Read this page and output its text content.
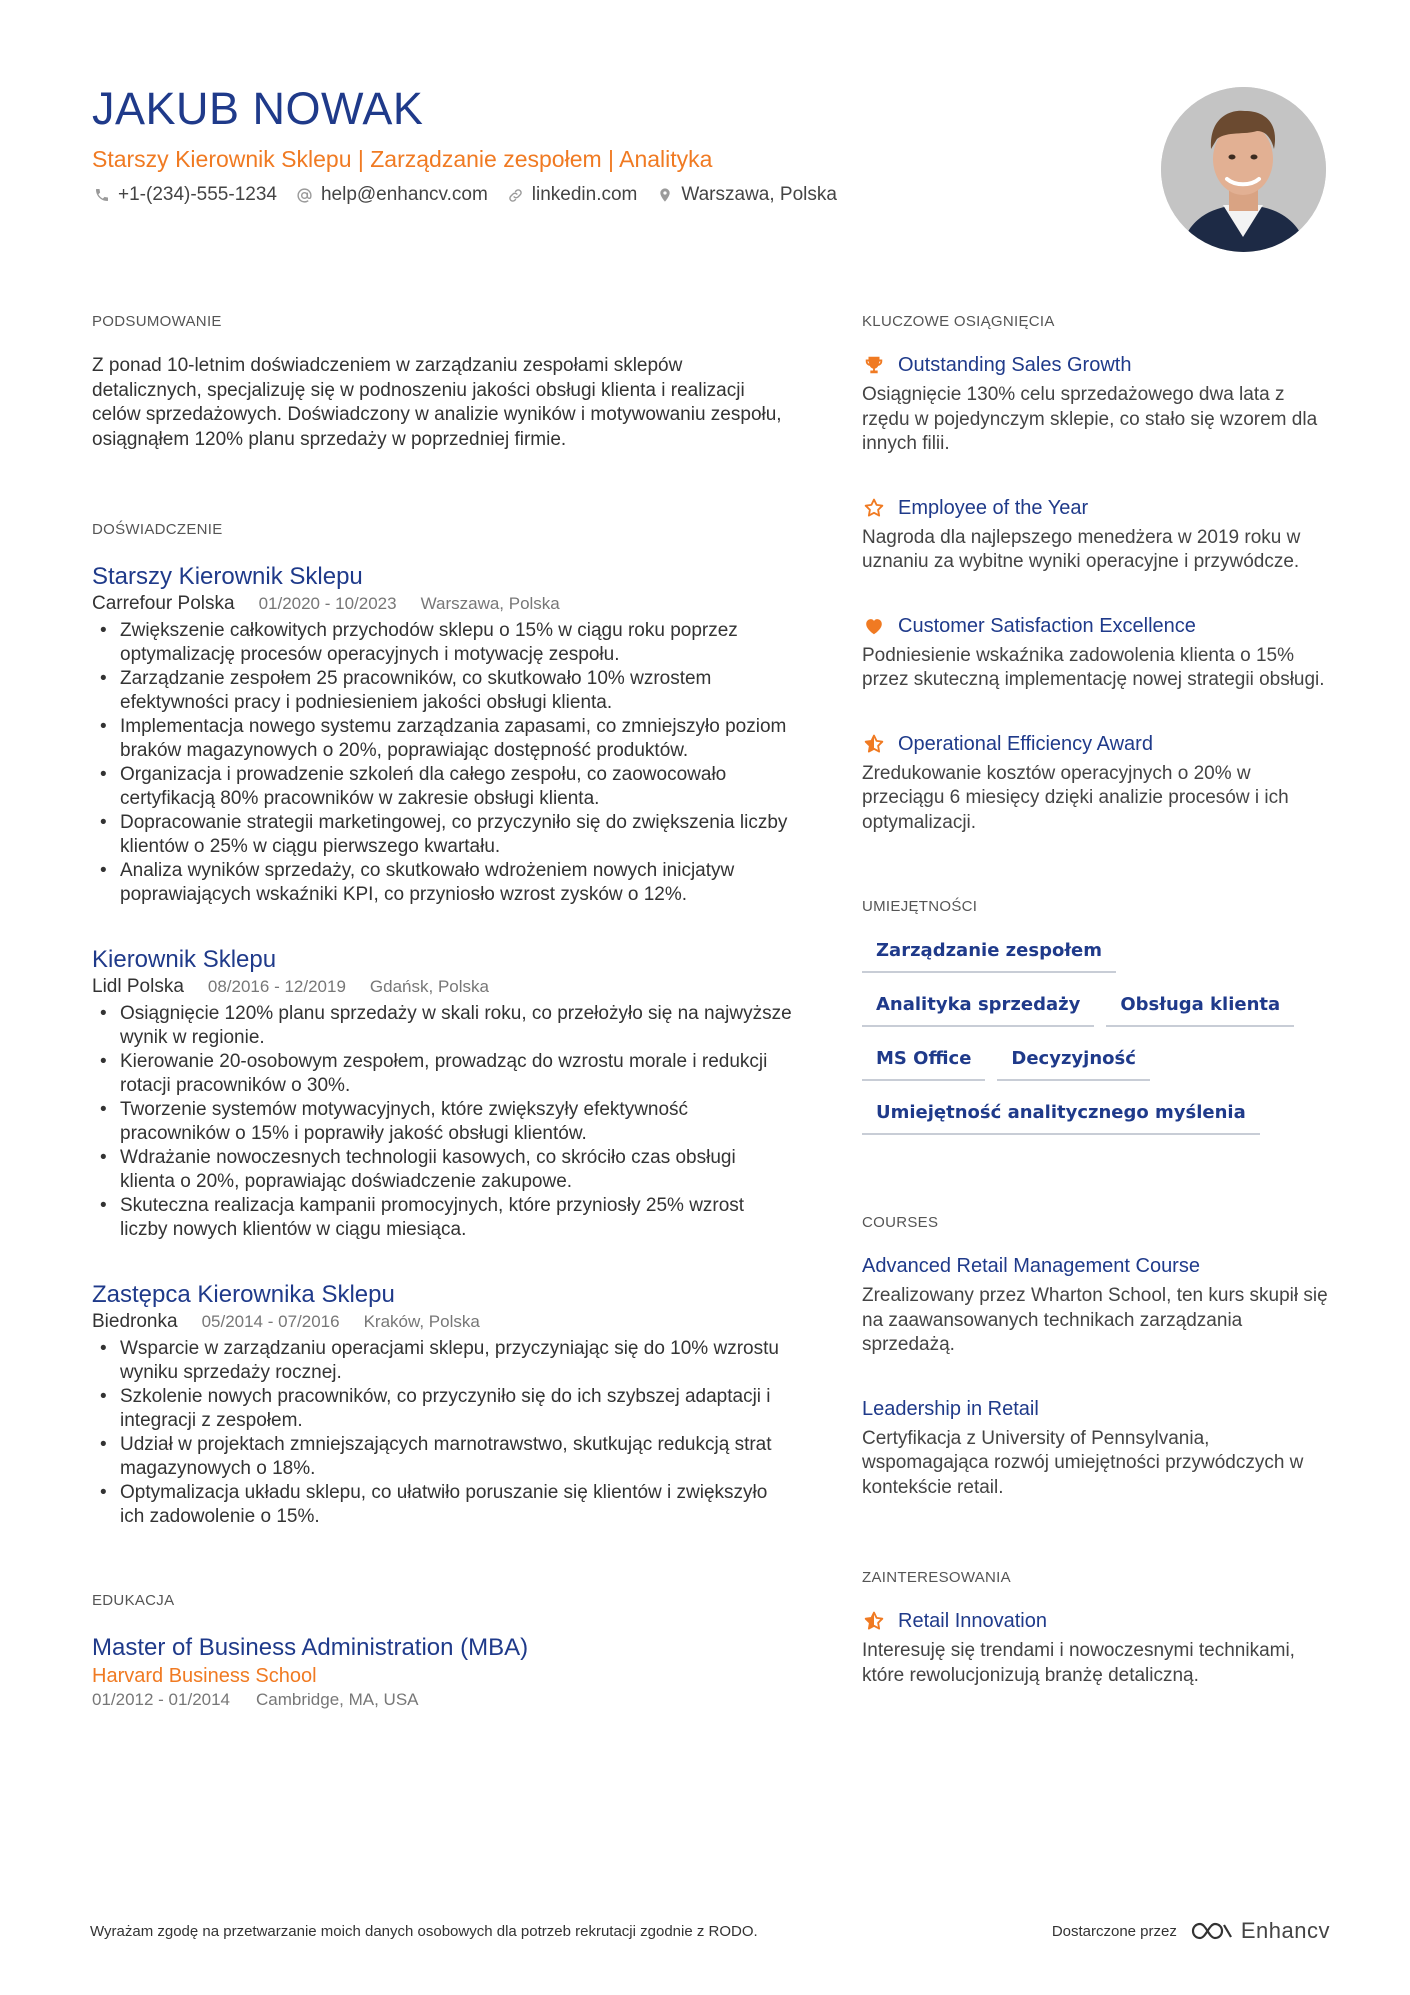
JAKUB NOWAK
Starszy Kierownik Sklepu | Zarządzanie zespołem | Analityka
+1-(234)-555-1234 help@enhancv.com linkedin.com Warszawa, Polska
PODSUMOWANIE

Z ponad 10-letnim doświadczeniem w zarządzaniu zespołami sklepów detalicznych, specjalizuję się w podnoszeniu jakości obsługi klienta i realizacji celów sprzedażowych. Doświadczony w analizie wyników i motywowaniu zespołu, osiągnąłem 120% planu sprzedaży w poprzedniej firmie.

DOŚWIADCZENIE
Starszy Kierownik Sklepu
Carrefour Polska 01/2020 - 10/2023 Warszawa, Polska
• Zwiększenie całkowitych przychodów sklepu o 15% w ciągu roku poprzez optymalizację procesów operacyjnych i motywację zespołu.
• Zarządzanie zespołem 25 pracowników, co skutkowało 10% wzrostem efektywności pracy i podniesieniem jakości obsługi klienta.
• Implementacja nowego systemu zarządzania zapasami, co zmniejszyło poziom braków magazynowych o 20%, poprawiając dostępność produktów.
• Organizacja i prowadzenie szkoleń dla całego zespołu, co zaowocowało certyfikacją 80% pracowników w zakresie obsługi klienta.
• Dopracowanie strategii marketingowej, co przyczyniło się do zwiększenia liczby klientów o 25% w ciągu pierwszego kwartału.
• Analiza wyników sprzedaży, co skutkowało wdrożeniem nowych inicjatyw poprawiających wskaźniki KPI, co przyniosło wzrost zysków o 12%.
Kierownik Sklepu
Lidl Polska 08/2016 - 12/2019 Gdańsk, Polska
• Osiągnięcie 120% planu sprzedaży w skali roku, co przełożyło się na najwyższe wynik w regionie.
• Kierowanie 20-osobowym zespołem, prowadząc do wzrostu morale i redukcji rotacji pracowników o 30%.
• Tworzenie systemów motywacyjnych, które zwiększyły efektywność pracowników o 15% i poprawiły jakość obsługi klientów.
• Wdrażanie nowoczesnych technologii kasowych, co skróciło czas obsługi klienta o 20%, poprawiając doświadczenie zakupowe.
• Skuteczna realizacja kampanii promocyjnych, które przyniosły 25% wzrost liczby nowych klientów w ciągu miesiąca.
Zastępca Kierownika Sklepu
Biedronka 05/2014 - 07/2016 Kraków, Polska
• Wsparcie w zarządzaniu operacjami sklepu, przyczyniając się do 10% wzrostu wyniku sprzedaży rocznej.
• Szkolenie nowych pracowników, co przyczyniło się do ich szybszej adaptacji i integracji z zespołem.
• Udział w projektach zmniejszających marnotrawstwo, skutkując redukcją strat magazynowych o 18%.
• Optymalizacja układu sklepu, co ułatwiło poruszanie się klientów i zwiększyło ich zadowolenie o 15%.
EDUKACJA
Master of Business Administration (MBA)
Harvard Business School
01/2012 - 01/2014 Cambridge, MA, USA
KLUCZOWE OSIĄGNIĘCIA
Outstanding Sales Growth
Osiągnięcie 130% celu sprzedażowego dwa lata z rzędu w pojedynczym sklepie, co stało się wzorem dla innych filii.
Employee of the Year
Nagroda dla najlepszego menedżera w 2019 roku w uznaniu za wybitne wyniki operacyjne i przywódcze.
Customer Satisfaction Excellence
Podniesienie wskaźnika zadowolenia klienta o 15% przez skuteczną implementację nowej strategii obsługi.
Operational Efficiency Award
Zredukowanie kosztów operacyjnych o 20% w przeciągu 6 miesięcy dzięki analizie procesów i ich optymalizacji.
UMIEJĘTNOŚCI
Zarządzanie zespołem
Analityka sprzedaży	Obsługa klienta
MS Office	Decyzyjność
Umiejętność analitycznego myślenia
COURSES
Advanced Retail Management Course
Zrealizowany przez Wharton School, ten kurs skupił się na zaawansowanych technikach zarządzania sprzedażą.
Leadership in Retail
Certyfikacja z University of Pennsylvania, wspomagająca rozwój umiejętności przywódczych w kontekście retail.
ZAINTERESOWANIA
Retail Innovation
Interesuję się trendami i nowoczesnymi technikami, które rewolucjonizują branżę detaliczną.
Wyrażam zgodę na przetwarzanie moich danych osobowych dla potrzeb rekrutacji zgodnie z RODO.	Dostarczone przez	Enhancv
